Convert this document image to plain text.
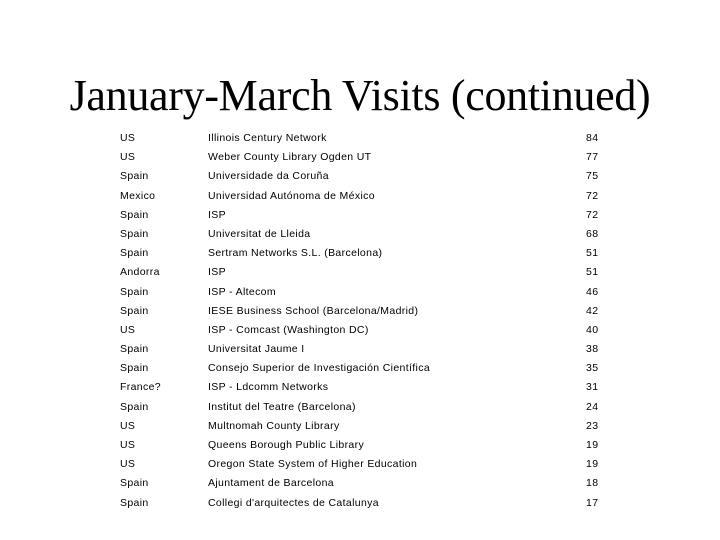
January-March Visits (continued)
US	Illinois Century Network	84
US	Weber County Library Ogden UT	77
Spain	Universidade da Coruña	75
Mexico	Universidad Autónoma de México	72
Spain	ISP	72
Spain	Universitat de Lleida	68
Spain	Sertram Networks S.L. (Barcelona)	51
Andorra	ISP	51
Spain	ISP - Altecom	46
Spain	IESE Business School (Barcelona/Madrid)	42
US	ISP - Comcast (Washington DC)	40
Spain	Universitat Jaume I	38
Spain	Consejo Superior de Investigación Científica	35
France?	ISP - Ldcomm Networks	31
Spain	Institut del Teatre (Barcelona)	24
US	Multnomah County Library	23
US	Queens Borough Public Library	19
US	Oregon State System of Higher Education	19
Spain	Ajuntament de Barcelona	18
Spain	Collegi d'arquitectes de Catalunya	17
